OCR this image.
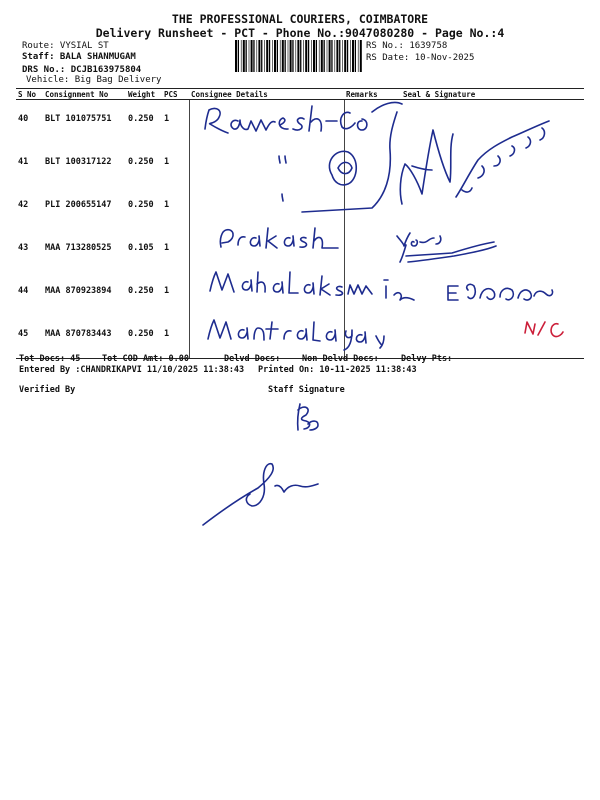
THE PROFESSIONAL COURIERS, COIMBATORE
Delivery Runsheet - PCT - Phone No.:9047080280 - Page No.:4
Route: VYSIAL ST
Staff: BALA SHANMUGAM
DRS No.: DCJB163975804
Vehicle: Big Bag Delivery
RS No.: 1639758
RS Date: 10-Nov-2025
S No	Consignment No	Weight	PCS	Consignee Details	Remarks	Seal & Signature
40	BLT 101075751	0.250	1			
41	BLT 100317122	0.250	1			
42	PLI 200655147	0.250	1			
43	MAA 713280525	0.105	1			
44	MAA 870923894	0.250	1			
45	MAA 870783443	0.250	1			
Tot Docs: 45	Tot COD Amt: 0.00	Delvd Docs:	Non Delvd Docs:	Delvy Pts:
Entered By :CHANDRIKAPVI 11/10/2025 11:38:43 Printed On: 10-11-2025 11:38:43
Verified By	Staff Signature
